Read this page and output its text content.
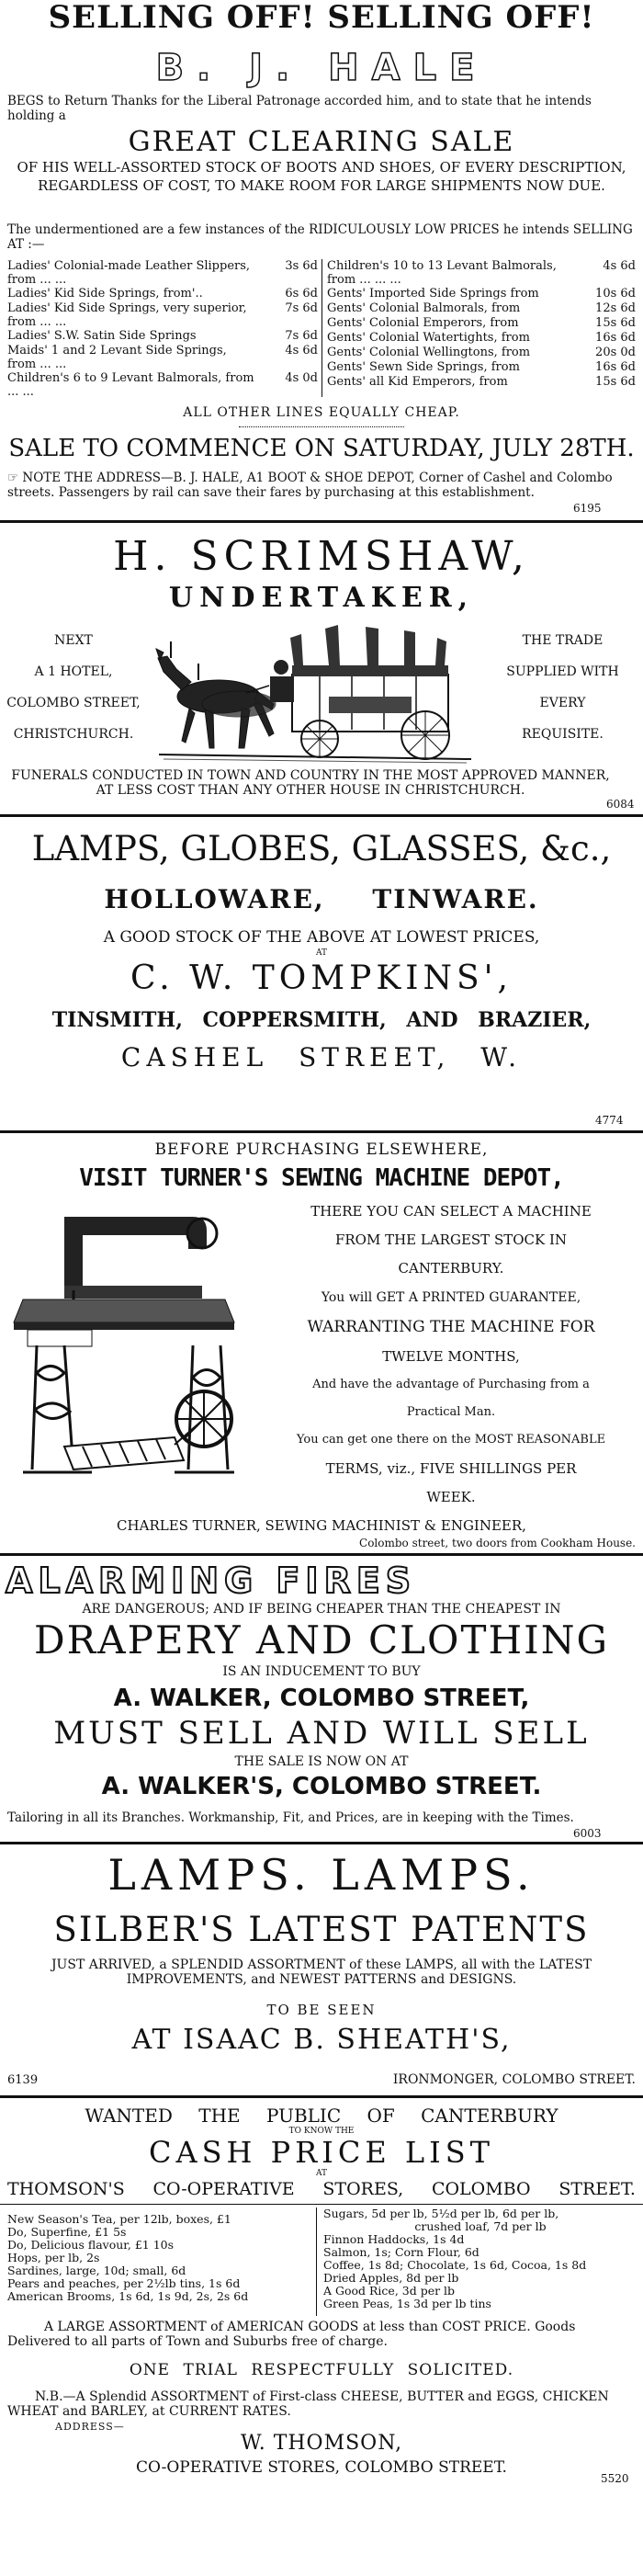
SELLING OFF! SELLING OFF!
B. J. HALE
BEGS to Return Thanks for the Liberal Patronage accorded him, and to state that he intends holding a
GREAT CLEARING SALE
OF HIS WELL-ASSORTED STOCK OF BOOTS AND SHOES, OF EVERY DESCRIPTION, REGARDLESS OF COST, TO MAKE ROOM FOR LARGE SHIPMENTS NOW DUE.
The undermentioned are a few instances of the RIDICULOUSLY LOW PRICES he intends SELLING AT :—
Ladies' Colonial-made Leather Slippers, from ... ...
3s 6d
Ladies' Kid Side Springs, from'..	6s 6d
Ladies' Kid Side Springs, very superior, from ... ...
7s 6d
Ladies' S.W. Satin Side Springs	7s 6d
Maids' 1 and 2 Levant Side Springs, from ... ...
4s 6d
Children's 6 to 9 Levant Balmorals, from ... ...
4s 0d
Children's 10 to 13 Levant Balmorals, from ... ... ...
4s 6d
Gents' Imported Side Springs from	10s 6d
Gents' Colonial Balmorals, from	12s 6d
Gents' Colonial Emperors, from	15s 6d
Gents' Colonial Watertights, from	16s 6d
Gents' Colonial Wellingtons, from	20s 0d
Gents' Sewn Side Springs, from	16s 6d
Gents' all Kid Emperors, from	15s 6d
ALL OTHER LINES EQUALLY CHEAP.
SALE TO COMMENCE ON SATURDAY, JULY 28TH.
☞ NOTE THE ADDRESS—B. J. HALE, A1 BOOT & SHOE DEPOT, Corner of Cashel and Colombo streets. Passengers by rail can save their fares by purchasing at this establishment.
6195
H. SCRIMSHAW,
UNDERTAKER,
NEXT
A 1 HOTEL,
COLOMBO STREET,
CHRISTCHURCH.
THE TRADE
SUPPLIED WITH
EVERY
REQUISITE.
FUNERALS CONDUCTED IN TOWN AND COUNTRY IN THE MOST APPROVED MANNER, AT LESS COST THAN ANY OTHER HOUSE IN CHRISTCHURCH.
6084
LAMPS, GLOBES, GLASSES, &c.,
HOLLOWARE, TINWARE.
A GOOD STOCK OF THE ABOVE AT LOWEST PRICES,
AT
C. W. TOMPKINS',
TINSMITH, COPPERSMITH, AND BRAZIER,
CASHEL STREET, W.
4774
BEFORE PURCHASING ELSEWHERE,
VISIT TURNER'S SEWING MACHINE DEPOT,
THERE YOU CAN SELECT A MACHINE
FROM THE LARGEST STOCK IN
CANTERBURY.
You will GET A PRINTED GUARANTEE,
WARRANTING THE MACHINE FOR
TWELVE MONTHS,
And have the advantage of Purchasing from a
Practical Man.
You can get one there on the MOST REASONABLE
TERMS, viz., FIVE SHILLINGS PER
WEEK.
CHARLES TURNER, SEWING MACHINIST & ENGINEER,
Colombo street, two doors from Cookham House.
ALARMING FIRES
ARE DANGEROUS; AND IF BEING CHEAPER THAN THE CHEAPEST IN
DRAPERY AND CLOTHING
IS AN INDUCEMENT TO BUY
A. WALKER, COLOMBO STREET,
MUST SELL AND WILL SELL
THE SALE IS NOW ON AT
A. WALKER'S, COLOMBO STREET.
Tailoring in all its Branches. Workmanship, Fit, and Prices, are in keeping with the Times.
6003
LAMPS. LAMPS.
SILBER'S LATEST PATENTS
JUST ARRIVED, a SPLENDID ASSORTMENT of these LAMPS, all with the LATEST IMPROVEMENTS, and NEWEST PATTERNS and DESIGNS.
TO BE SEEN
AT ISAAC B. SHEATH'S,
6139	IRONMONGER, COLOMBO STREET.
WANTED THE PUBLIC OF CANTERBURY
TO KNOW THE
CASH PRICE LIST
AT
THOMSON'S CO-OPERATIVE STORES, COLOMBO STREET.
New Season's Tea, per 12lb, boxes, £1
Do, Superfine, £1 5s
Do, Delicious flavour, £1 10s
Hops, per lb, 2s
Sardines, large, 10d; small, 6d
Pears and peaches, per 2½lb tins, 1s 6d
American Brooms, 1s 6d, 1s 9d, 2s, 2s 6d
Sugars, 5d per lb, 5½d per lb, 6d per lb,
crushed loaf, 7d per lb
Finnon Haddocks, 1s 4d
Salmon, 1s; Corn Flour, 6d
Coffee, 1s 8d; Chocolate, 1s 6d, Cocoa, 1s 8d
Dried Apples, 8d per lb
A Good Rice, 3d per lb
Green Peas, 1s 3d per lb tins
A LARGE ASSORTMENT of AMERICAN GOODS at less than COST PRICE. Goods Delivered to all parts of Town and Suburbs free of charge.
ONE TRIAL RESPECTFULLY SOLICITED.
N.B.—A Splendid ASSORTMENT of First-class CHEESE, BUTTER and EGGS, CHICKEN WHEAT and BARLEY, at CURRENT RATES.
ADDRESS—
W. THOMSON,
CO-OPERATIVE STORES, COLOMBO STREET.
5520
